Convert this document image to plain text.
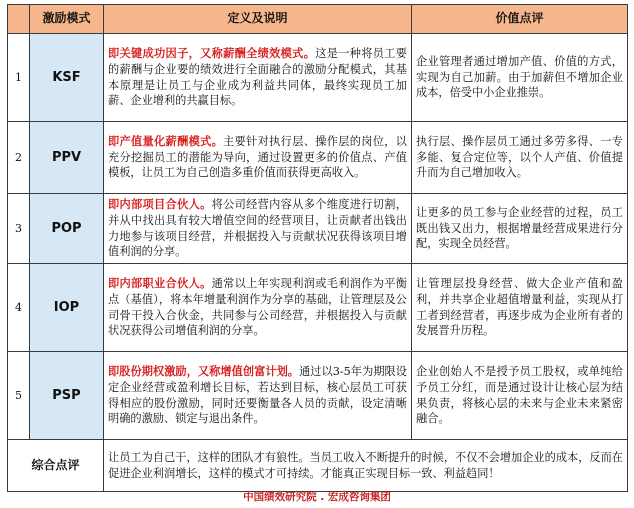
	激励模式	定义及说明	价值点评
1	KSF	即关键成功因子，又称薪酬全绩效模式。这是一种将员工要的薪酬与企业要的绩效进行全面融合的激励分配模式，其基本原理是让员工与企业成为利益共同体，最终实现员工加薪、企业增利的共赢目标。	企业管理者通过增加产值、价值的方式，实现为自己加薪。由于加薪但不增加企业成本，倍受中小企业推崇。
2	PPV	即产值量化薪酬模式。主要针对执行层、操作层的岗位，以充分挖掘员工的潜能为导向，通过设置更多的价值点、产值模板，让员工为自己创造多重价值而获得更高收入。	执行层、操作层员工通过多劳多得、一专多能、复合定位等，以个人产值、价值提升而为自己增加收入。
3	POP	即内部项目合伙人。将公司经营内容从多个维度进行切割，并从中找出具有较大增值空间的经营项目，让贡献者出钱出力地参与该项目经营，并根据投入与贡献状况获得该项目增值利润的分享。	让更多的员工参与企业经营的过程，员工既出钱又出力，根据增量经营成果进行分配，实现全员经营。
4	IOP	即内部职业合伙人。通常以上年实现利润或毛利润作为平衡点（基值），将本年增量利润作为分享的基础，让管理层及公司骨干投入合伙金，共同参与公司经营，并根据投入与贡献状况获得公司增值利润的分享。	让管理层投身经营、做大企业产值和盈利，并共享企业超值增量利益，实现从打工者到经营者，再逐步成为企业所有者的发展晋升历程。
5	PSP	即股份期权激励，又称增值创富计划。通过以3-5年为期限设定企业经营或盈利增长目标，若达到目标，核心层员工可获得相应的股份激励，同时还要衡量各人员的贡献，设定清晰明确的激励、锁定与退出条件。	企业创始人不是授予员工股权，或单纯给予员工分红，而是通过设计让核心层为结果负责，将核心层的未来与企业未来紧密融合。
综合点评		让员工为自己干，这样的团队才有狼性。当员工收入不断提升的时候，不仅不会增加企业的成本，反而在促进企业利润增长，这样的模式才可持续。才能真正实现目标一致、利益趋同！	
中国绩效研究院 . 宏成咨询集团
